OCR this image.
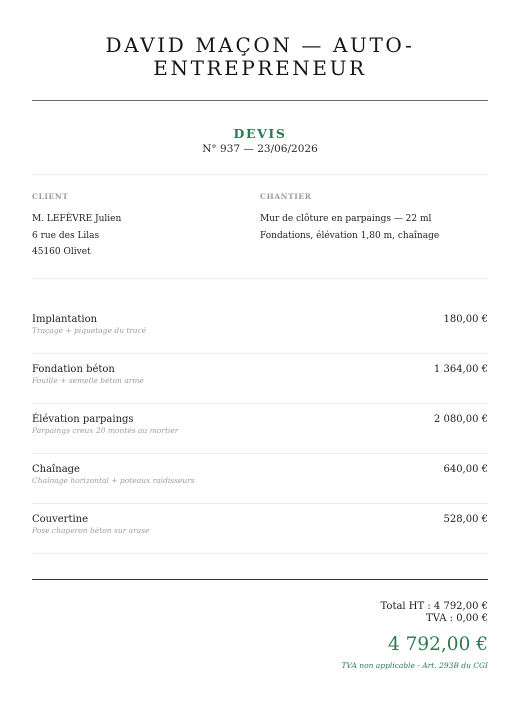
DAVID MAÇON — AUTO-
ENTREPRENEUR
DEVIS
N° 937 — 23/06/2026
CLIENT
M. LEFÈVRE Julien
6 rue des Lilas
45160 Olivet
CHANTIER
Mur de clôture en parpaings — 22 ml
Fondations, élévation 1,80 m, chaînage
Implantation
Traçage + piquetage du tracé
180,00 €
Fondation béton
Fouille + semelle béton armé
1 364,00 €
Élévation parpaings
Parpaings creux 20 montés au mortier
2 080,00 €
Chaînage
Chaînage horizontal + poteaux raidisseurs
640,00 €
Couvertine
Pose chaperon béton sur arase
528,00 €
Total HT : 4 792,00 €
TVA : 0,00 €
4 792,00 €
TVA non applicable - Art. 293B du CGI
